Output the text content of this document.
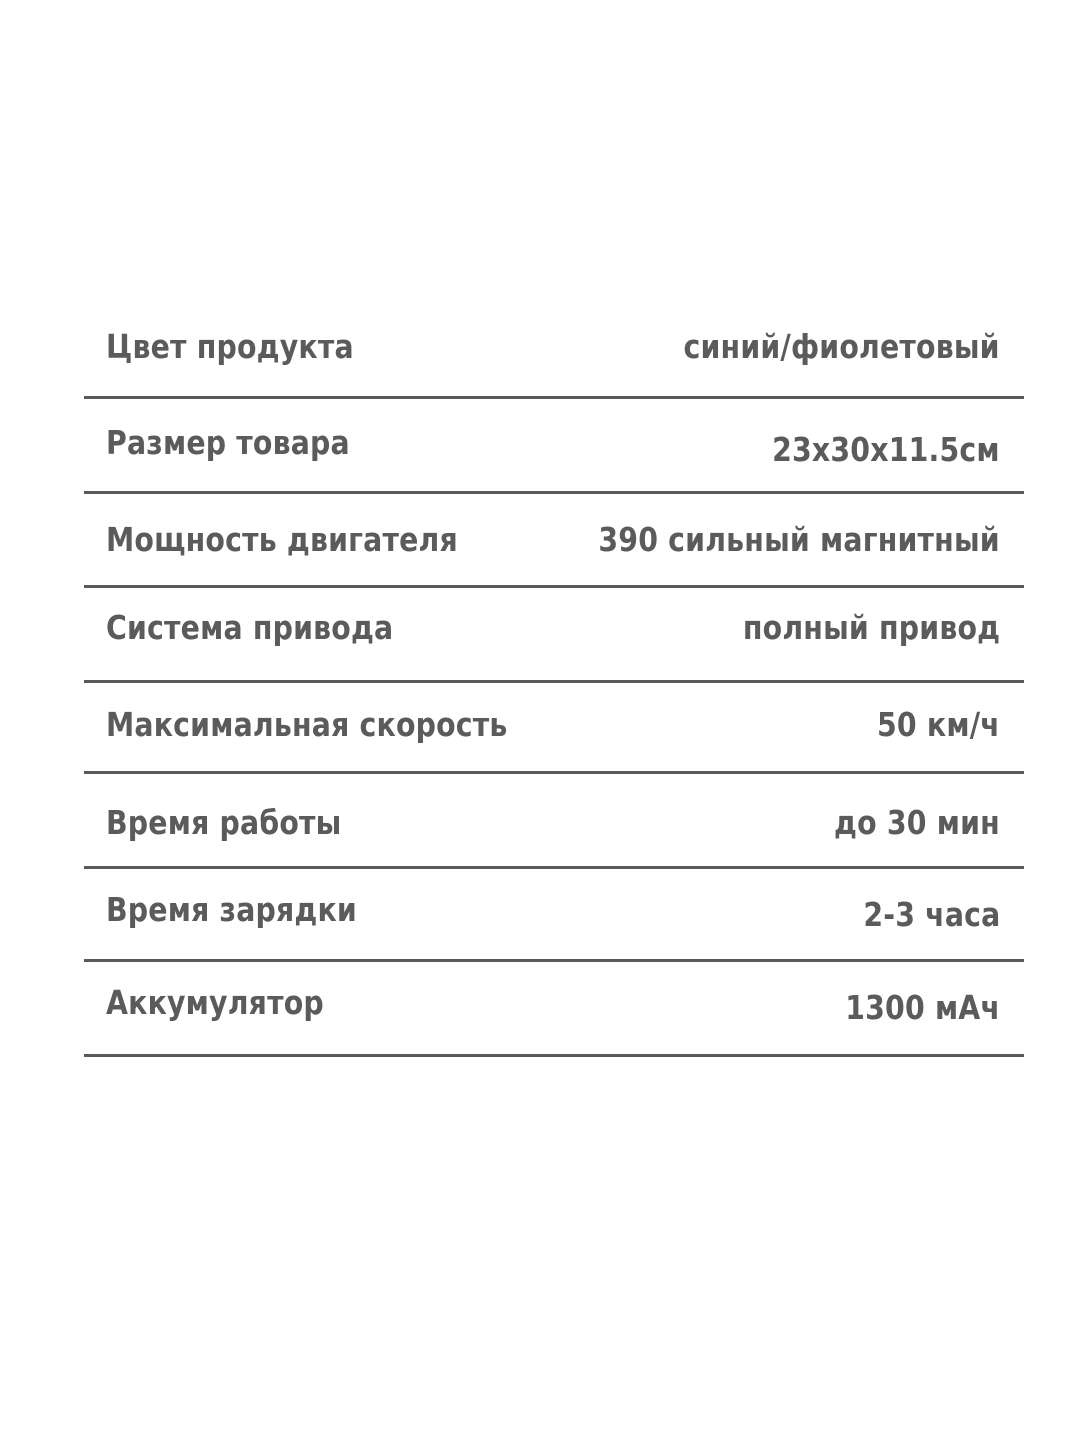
Цвет продукта	синий/фиолетовый
Размер товара	23x30x11.5см
Мощность двигателя	390 сильный магнитный
Система привода	полный привод
Максимальная скорость	50 км/ч
Время работы	до 30 мин
Время зарядки	2-3 часа
Аккумулятор	1300 мАч
